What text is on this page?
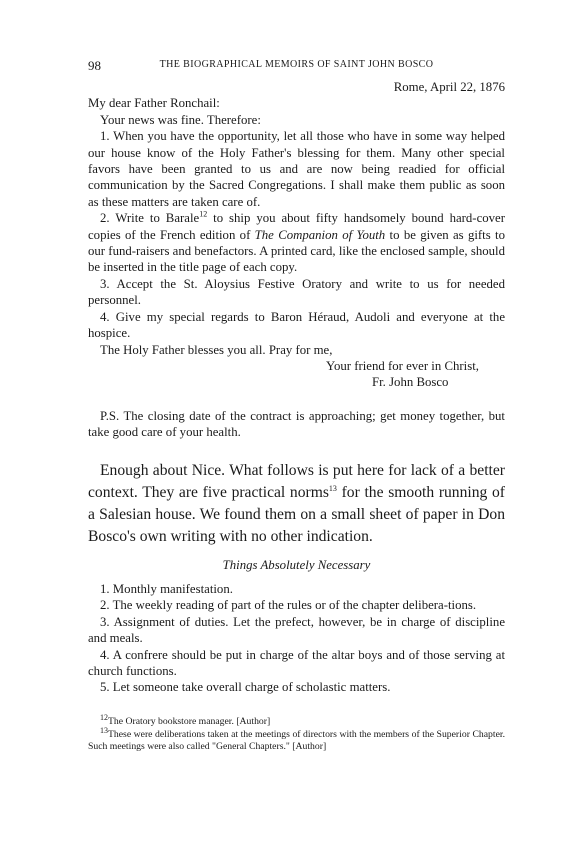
98	THE BIOGRAPHICAL MEMOIRS OF SAINT JOHN BOSCO

Rome, April 22, 1876

My dear Father Ronchail:

Your news was fine. Therefore:

1. When you have the opportunity, let all those who have in some way helped our house know of the Holy Father's blessing for them. Many other special favors have been granted to us and are now being readied for official communication by the Sacred Congregations. I shall make them public as soon as these matters are taken care of.

2. Write to Barale$^{12}$ to ship you about fifty handsomely bound hard-cover copies of the French edition of The Companion of Youth to be given as gifts to our fund-raisers and benefactors. A printed card, like the enclosed sample, should be inserted in the title page of each copy.

3. Accept the St. Aloysius Festive Oratory and write to us for needed personnel.

4. Give my special regards to Baron Héraud, Audoli and everyone at the hospice.

The Holy Father blesses you all. Pray for me,

Your friend for ever in Christ,
Fr. John Bosco

P.S. The closing date of the contract is approaching; get money together, but take good care of your health.

Enough about Nice. What follows is put here for lack of a better context. They are five practical norms$^{13}$ for the smooth running of a Salesian house. We found them on a small sheet of paper in Don Bosco's own writing with no other indication.

Things Absolutely Necessary

1. Monthly manifestation.

2. The weekly reading of part of the rules or of the chapter delibera-tions.

3. Assignment of duties. Let the prefect, however, be in charge of discipline and meals.

4. A confrere should be put in charge of the altar boys and of those serving at church functions.

5. Let someone take overall charge of scholastic matters.

$^{12}$The Oratory bookstore manager. [Author]

$^{13}$These were deliberations taken at the meetings of directors with the members of the Superior Chapter. Such meetings were also called "General Chapters." [Author]
